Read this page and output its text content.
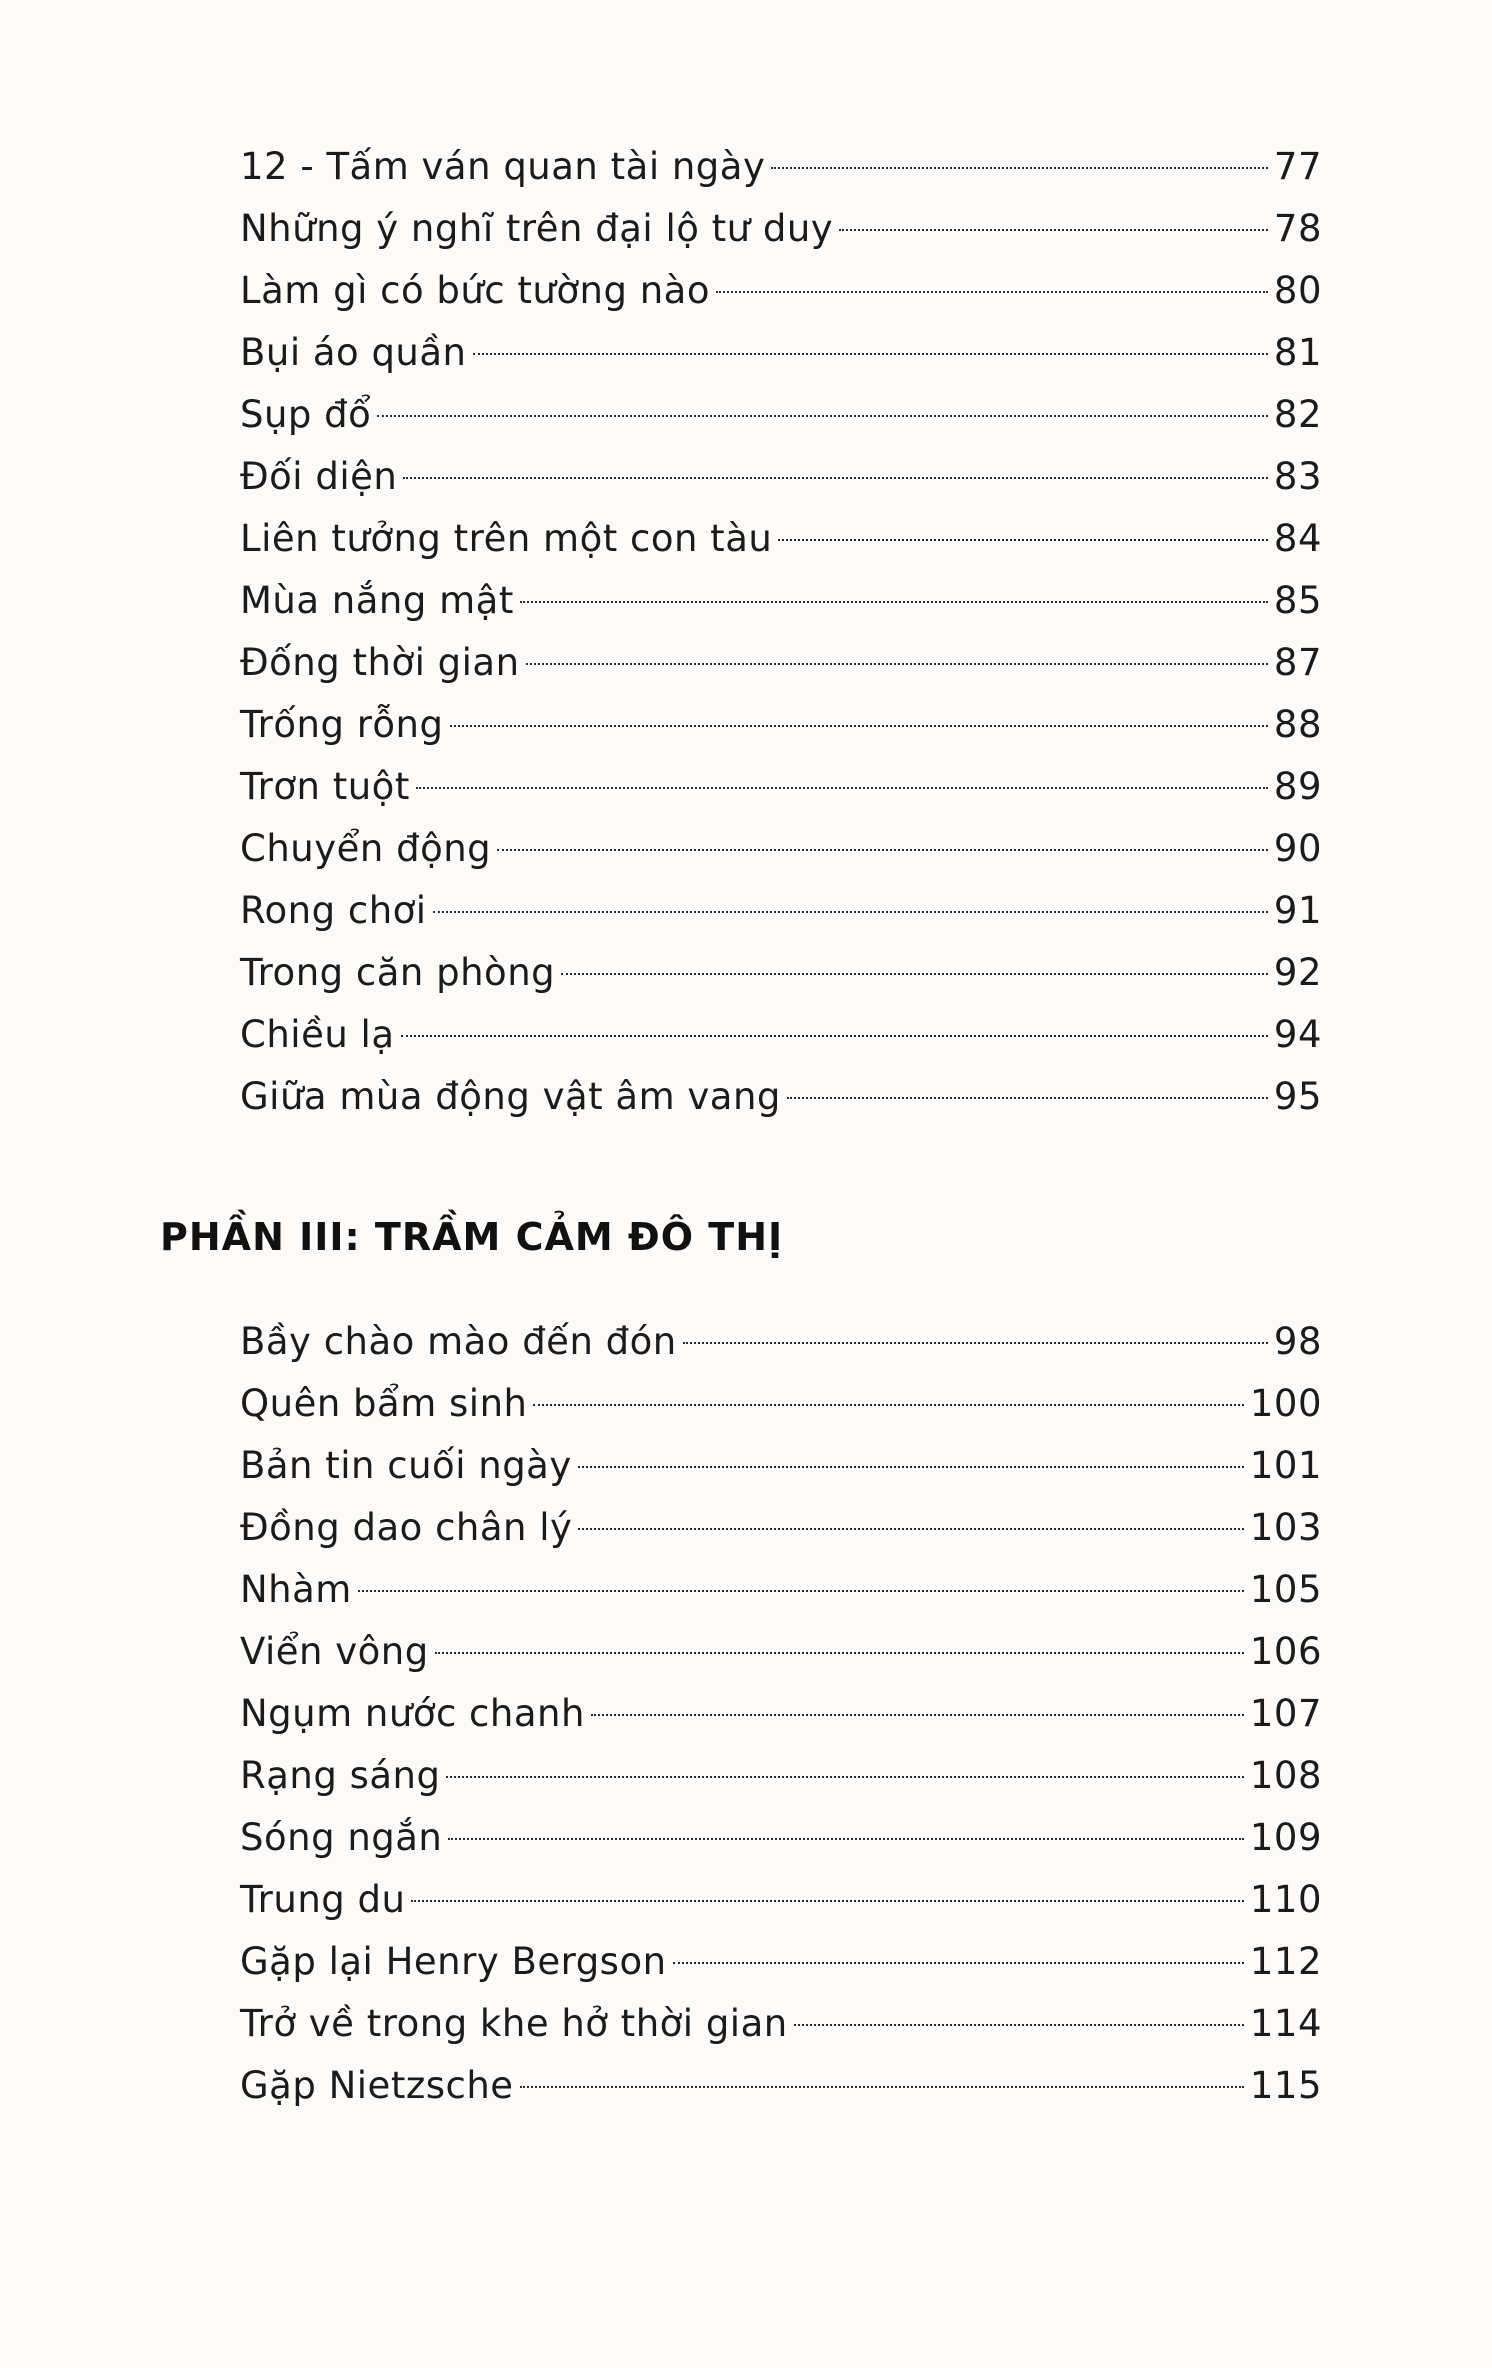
12 - Tấm ván quan tài ngày	77
Những ý nghĩ trên đại lộ tư duy	78
Làm gì có bức tường nào	80
Bụi áo quần	81
Sụp đổ	82
Đối diện	83
Liên tưởng trên một con tàu	84
Mùa nắng mật	85
Đống thời gian	87
Trống rỗng	88
Trơn tuột	89
Chuyển động	90
Rong chơi	91
Trong căn phòng	92
Chiều lạ	94
Giữa mùa động vật âm vang	95
PHẦN III: TRẦM CẢM ĐÔ THỊ
Bầy chào mào đến đón	98
Quên bẩm sinh	100
Bản tin cuối ngày	101
Đồng dao chân lý	103
Nhàm	105
Viển vông	106
Ngụm nước chanh	107
Rạng sáng	108
Sóng ngắn	109
Trung du	110
Gặp lại Henry Bergson	112
Trở về trong khe hở thời gian	114
Gặp Nietzsche	115
